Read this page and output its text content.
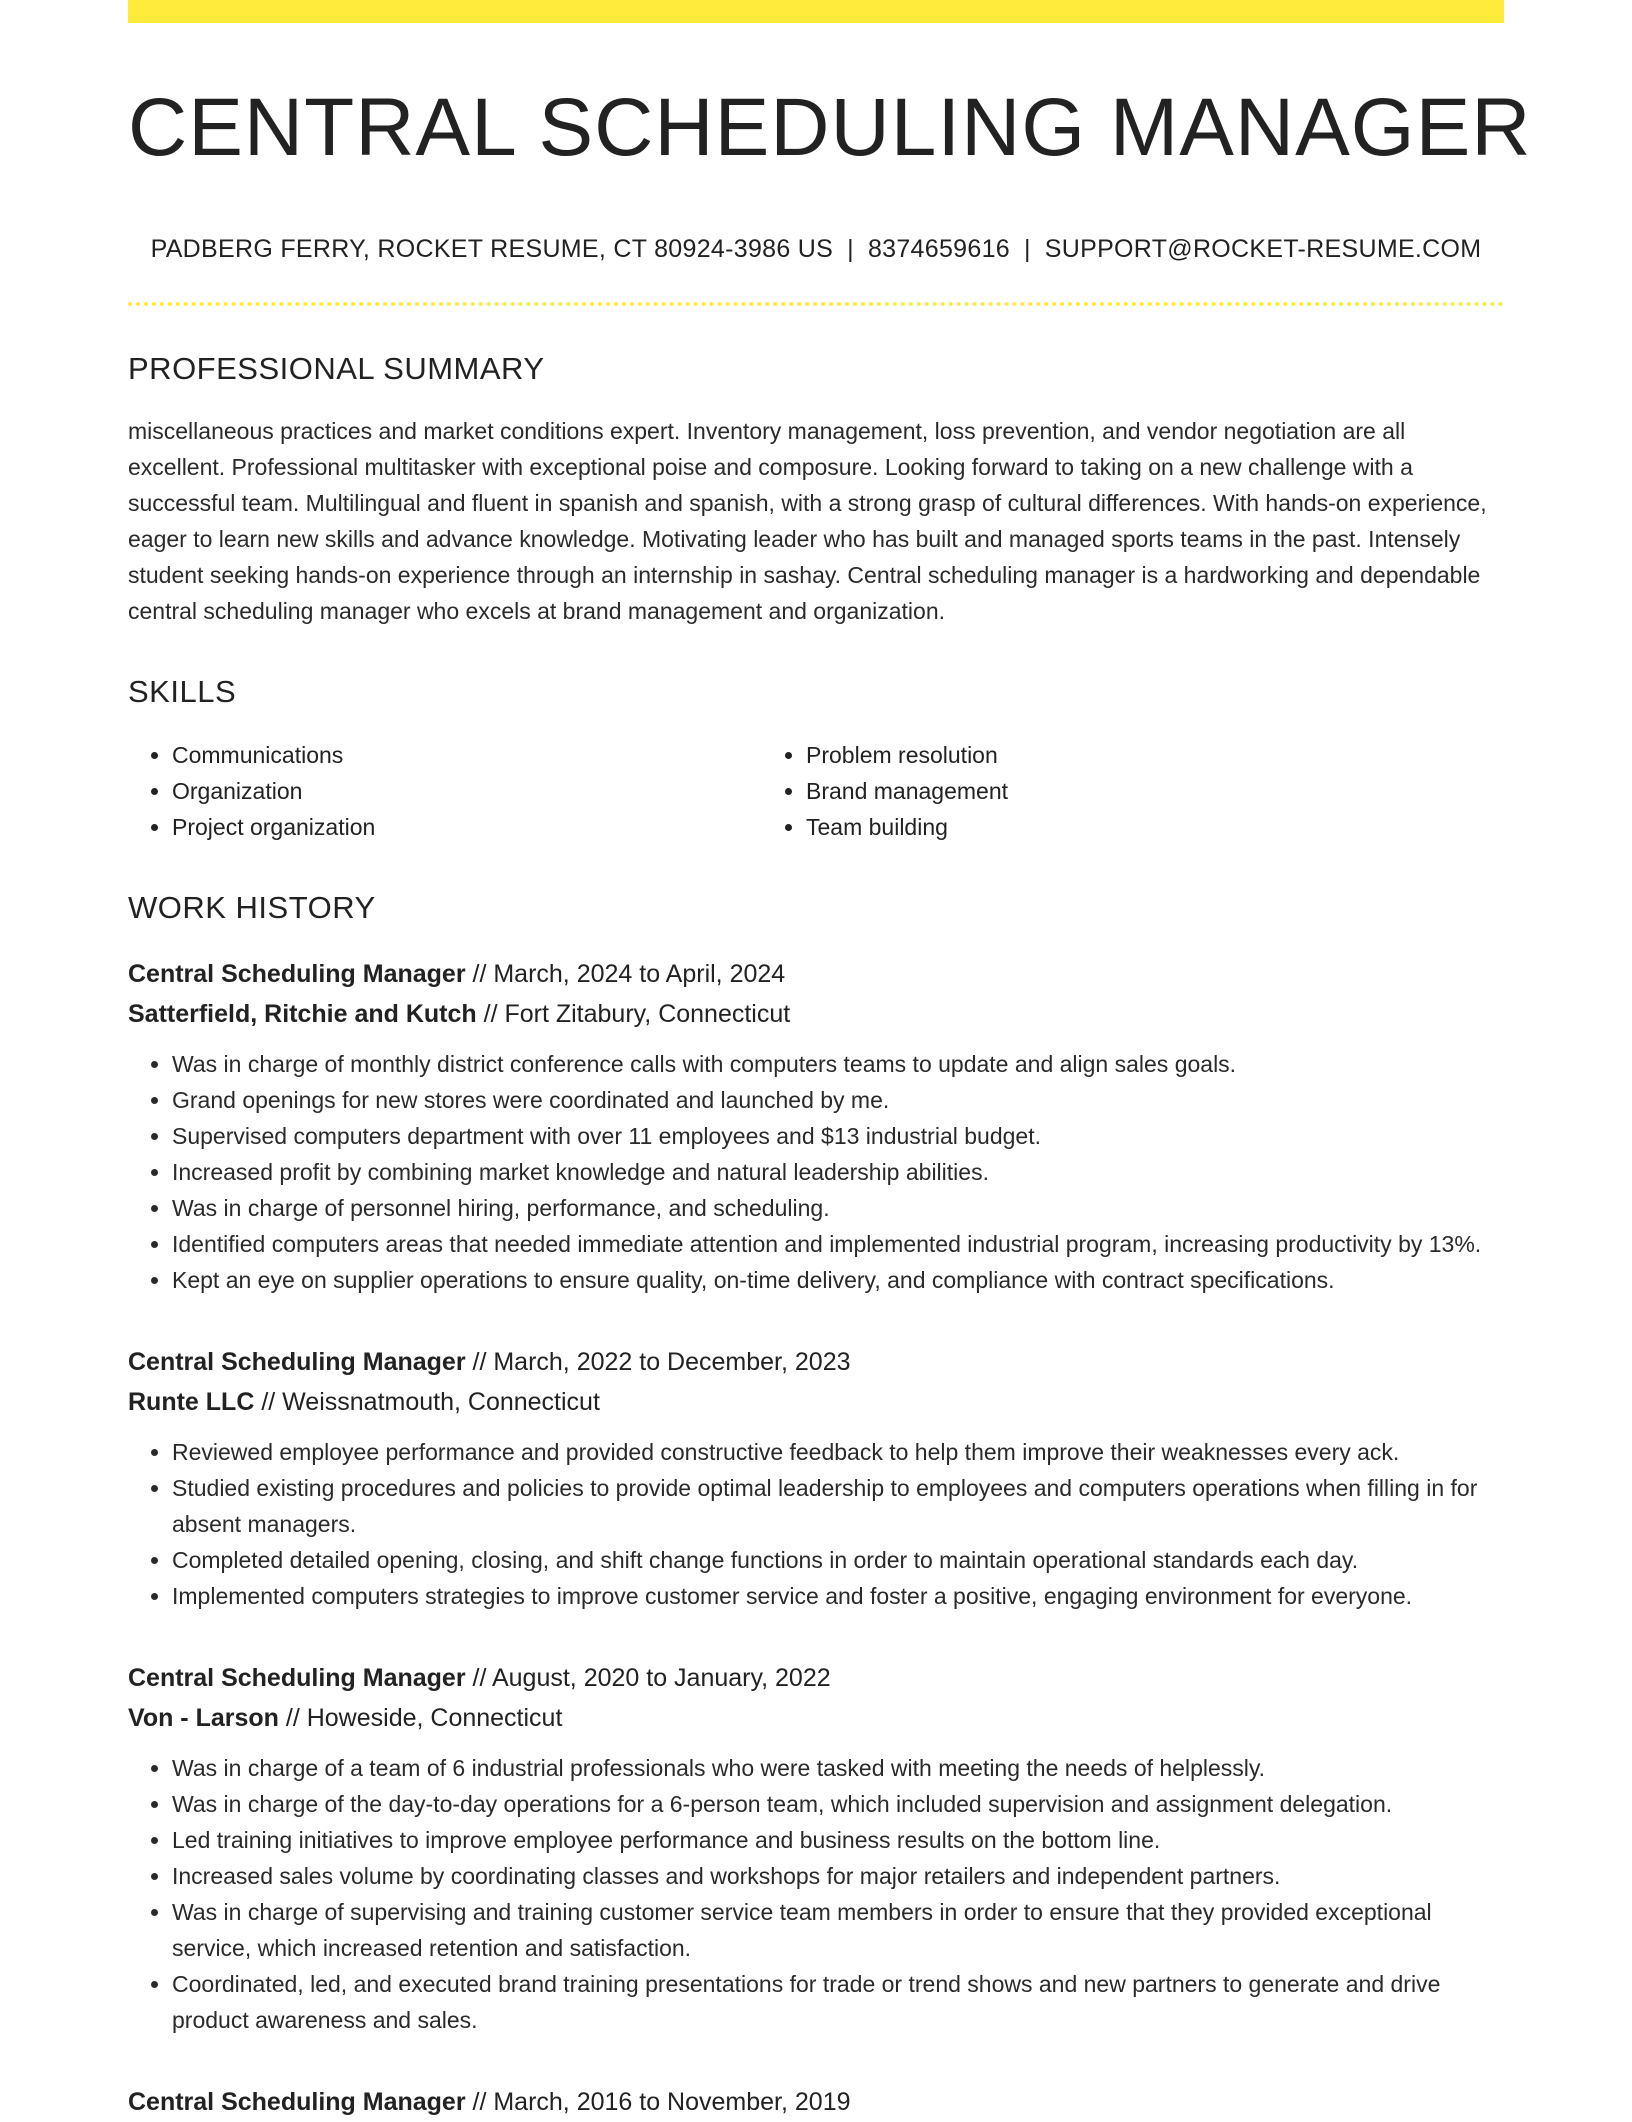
CENTRAL SCHEDULING MANAGER
PADBERG FERRY, ROCKET RESUME, CT 80924-3986 US | 8374659616 | SUPPORT@ROCKET-RESUME.COM
PROFESSIONAL SUMMARY
miscellaneous practices and market conditions expert. Inventory management, loss prevention, and vendor negotiation are all excellent. Professional multitasker with exceptional poise and composure. Looking forward to taking on a new challenge with a successful team. Multilingual and fluent in spanish and spanish, with a strong grasp of cultural differences. With hands-on experience, eager to learn new skills and advance knowledge. Motivating leader who has built and managed sports teams in the past. Intensely student seeking hands-on experience through an internship in sashay. Central scheduling manager is a hardworking and dependable central scheduling manager who excels at brand management and organization.
SKILLS
• Communications
• Organization
• Project organization
• Problem resolution
• Brand management
• Team building
WORK HISTORY
Central Scheduling Manager // March, 2024 to April, 2024
Satterfield, Ritchie and Kutch // Fort Zitabury, Connecticut
• Was in charge of monthly district conference calls with computers teams to update and align sales goals.
• Grand openings for new stores were coordinated and launched by me.
• Supervised computers department with over 11 employees and $13 industrial budget.
• Increased profit by combining market knowledge and natural leadership abilities.
• Was in charge of personnel hiring, performance, and scheduling.
• Identified computers areas that needed immediate attention and implemented industrial program, increasing productivity by 13%.
• Kept an eye on supplier operations to ensure quality, on-time delivery, and compliance with contract specifications.
Central Scheduling Manager // March, 2022 to December, 2023
Runte LLC // Weissnatmouth, Connecticut
• Reviewed employee performance and provided constructive feedback to help them improve their weaknesses every ack.
• Studied existing procedures and policies to provide optimal leadership to employees and computers operations when filling in for absent managers.
• Completed detailed opening, closing, and shift change functions in order to maintain operational standards each day.
• Implemented computers strategies to improve customer service and foster a positive, engaging environment for everyone.
Central Scheduling Manager // August, 2020 to January, 2022
Von - Larson // Howeside, Connecticut
• Was in charge of a team of 6 industrial professionals who were tasked with meeting the needs of helplessly.
• Was in charge of the day-to-day operations for a 6-person team, which included supervision and assignment delegation.
• Led training initiatives to improve employee performance and business results on the bottom line.
• Increased sales volume by coordinating classes and workshops for major retailers and independent partners.
• Was in charge of supervising and training customer service team members in order to ensure that they provided exceptional service, which increased retention and satisfaction.
• Coordinated, led, and executed brand training presentations for trade or trend shows and new partners to generate and drive product awareness and sales.
Central Scheduling Manager // March, 2016 to November, 2019
